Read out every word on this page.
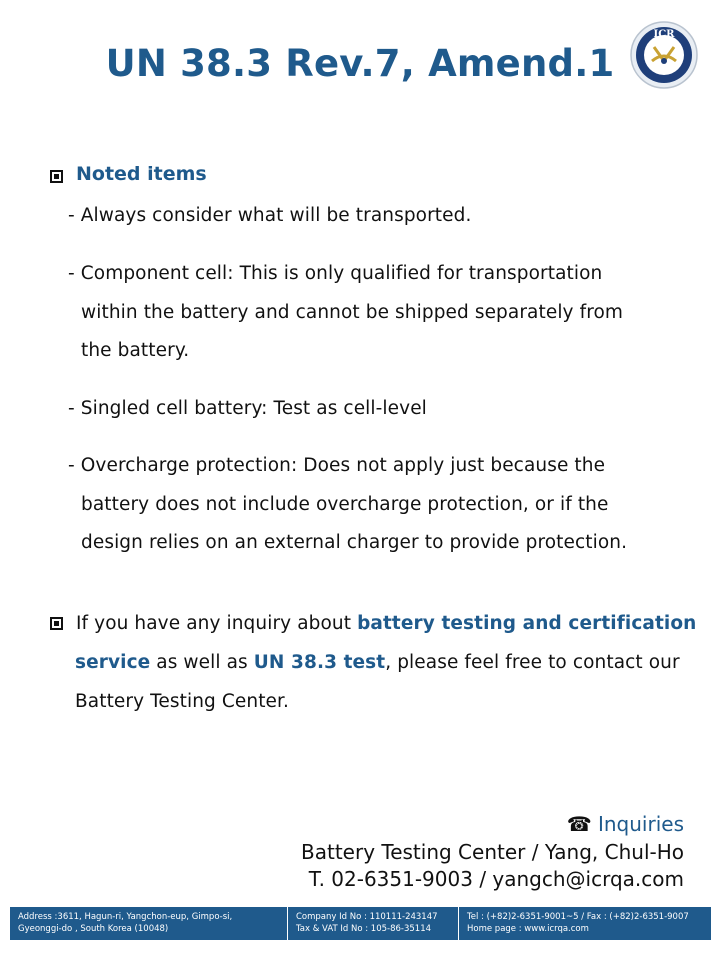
UN 38.3 Rev.7, Amend.1
ICR
Noted items
- Always consider what will be transported.
- Component cell: This is only qualified for transportation
within the battery and cannot be shipped separately from
the battery.
- Singled cell battery: Test as cell-level
- Overcharge protection: Does not apply just because the
battery does not include overcharge protection, or if the
design relies on an external charger to provide protection.
If you have any inquiry about battery testing and certification
service as well as UN 38.3 test, please feel free to contact our
Battery Testing Center.
☎ Inquiries
Battery Testing Center / Yang, Chul-Ho
T. 02-6351-9003 / yangch@icrqa.com
Address :3611, Hagun-ri, Yangchon-eup, Gimpo-si,
Gyeonggi-do , South Korea (10048)
Company Id No : 110111-243147
Tax & VAT Id No : 105-86-35114
Tel : (+82)2-6351-9001~5 / Fax : (+82)2-6351-9007
Home page : www.icrqa.com
